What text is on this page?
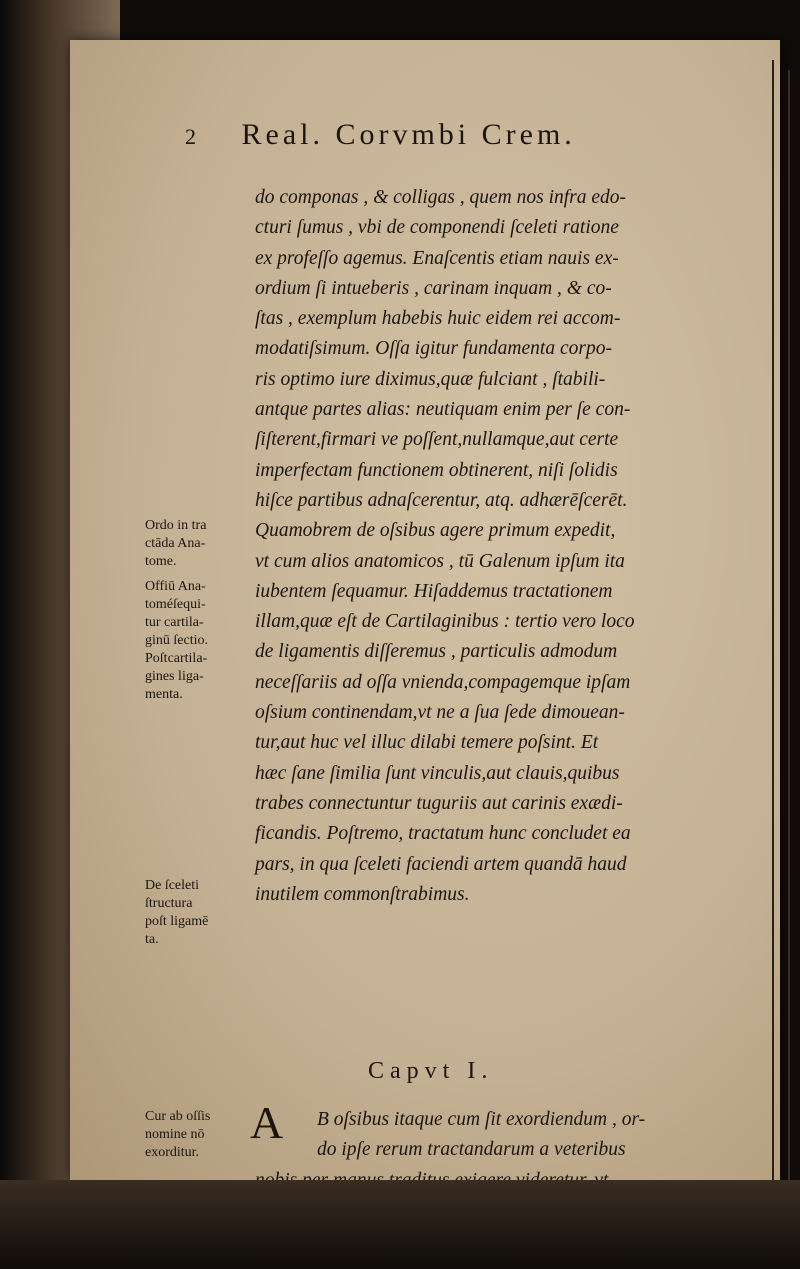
2 Real. Corvmbi Crem.
do componas , & colligas , quem nos infra edo-
cturi ſumus , vbi de componendi ſceleti ratione
ex profeſſo agemus. Enaſcentis etiam nauis ex-
ordium ſi intueberis , carinam inquam , & co-
ſtas , exemplum habebis huic eidem rei accom-
modatiſsimum. Oſſa igitur fundamenta corpo-
ris optimo iure diximus,quæ fulciant , ſtabili-
antque partes alias: neutiquam enim per ſe con-
ſiſterent,firmari ve poſſent,nullamque,aut certe
imperfectam functionem obtinerent, niſi ſolidis
hiſce partibus adnaſcerentur, atq. adhærēſcerēt.
Quamobrem de oſsibus agere primum expedit,
vt cum alios anatomicos , tū Galenum ipſum ita
iubentem ſequamur. Hiſaddemus tractationem
illam,quæ eſt de Cartilaginibus : tertio vero loco
de ligamentis diſſeremus , particulis admodum
neceſſariis ad oſſa vnienda,compagemque ipſam
oſsium continendam,vt ne a ſua ſede dimouean-
tur,aut huc vel illuc dilabi temere poſsint. Et
hæc ſane ſimilia ſunt vinculis,aut clauis,quibus
trabes connectuntur tuguriis aut carinis exædi-
ficandis. Poſtremo, tractatum hunc concludet ea
pars, in qua ſceleti faciendi artem quandā haud
inutilem commonſtrabimus.
Ordo in tra
ctāda Ana-
tome.
Offiū Ana-
toméſequi-
tur cartila-
ginū ſectio.
Poſtcartila-
gines liga-
menta.
De ſceleti
ſtructura
poſt ligamē
ta.
Cur ab oſſis
nomine nō
exorditur.
Capvt I.
A	B oſsibus itaque cum ſit exordiendum , or-
do ipſe rerum tractandarum a veteribus
